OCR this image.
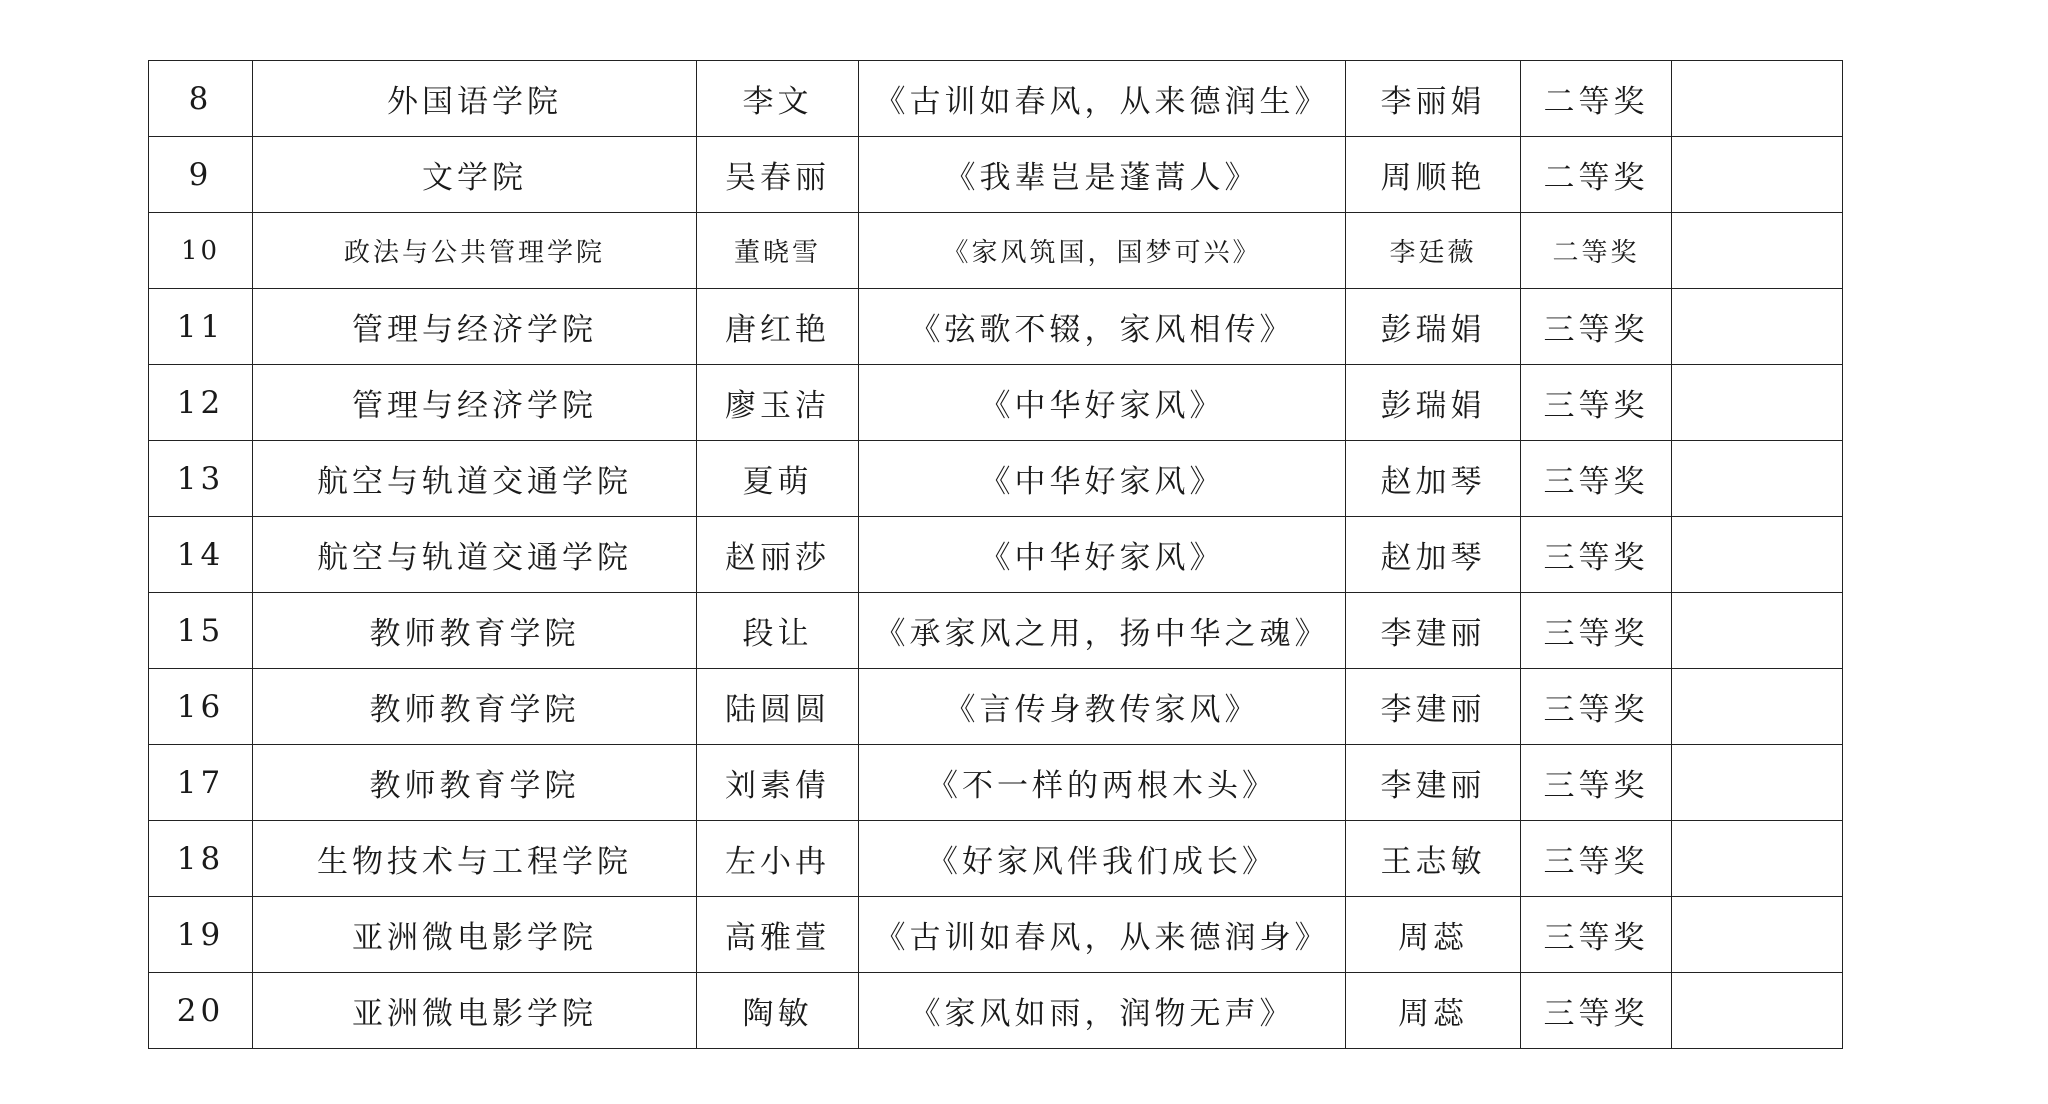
8	外国语学院	李文	《古训如春风，从来德润生》	李丽娟	二等奖	
9	文学院	吴春丽	《我辈岂是蓬蒿人》	周顺艳	二等奖	
10	政法与公共管理学院	董晓雪	《家风筑国，国梦可兴》	李廷薇	二等奖	
11	管理与经济学院	唐红艳	《弦歌不辍，家风相传》	彭瑞娟	三等奖	
12	管理与经济学院	廖玉洁	《中华好家风》	彭瑞娟	三等奖	
13	航空与轨道交通学院	夏萌	《中华好家风》	赵加琴	三等奖	
14	航空与轨道交通学院	赵丽莎	《中华好家风》	赵加琴	三等奖	
15	教师教育学院	段让	《承家风之用，扬中华之魂》	李建丽	三等奖	
16	教师教育学院	陆圆圆	《言传身教传家风》	李建丽	三等奖	
17	教师教育学院	刘素倩	《不一样的两根木头》	李建丽	三等奖	
18	生物技术与工程学院	左小冉	《好家风伴我们成长》	王志敏	三等奖	
19	亚洲微电影学院	高雅萱	《古训如春风，从来德润身》	周蕊	三等奖	
20	亚洲微电影学院	陶敏	《家风如雨，润物无声》	周蕊	三等奖	
